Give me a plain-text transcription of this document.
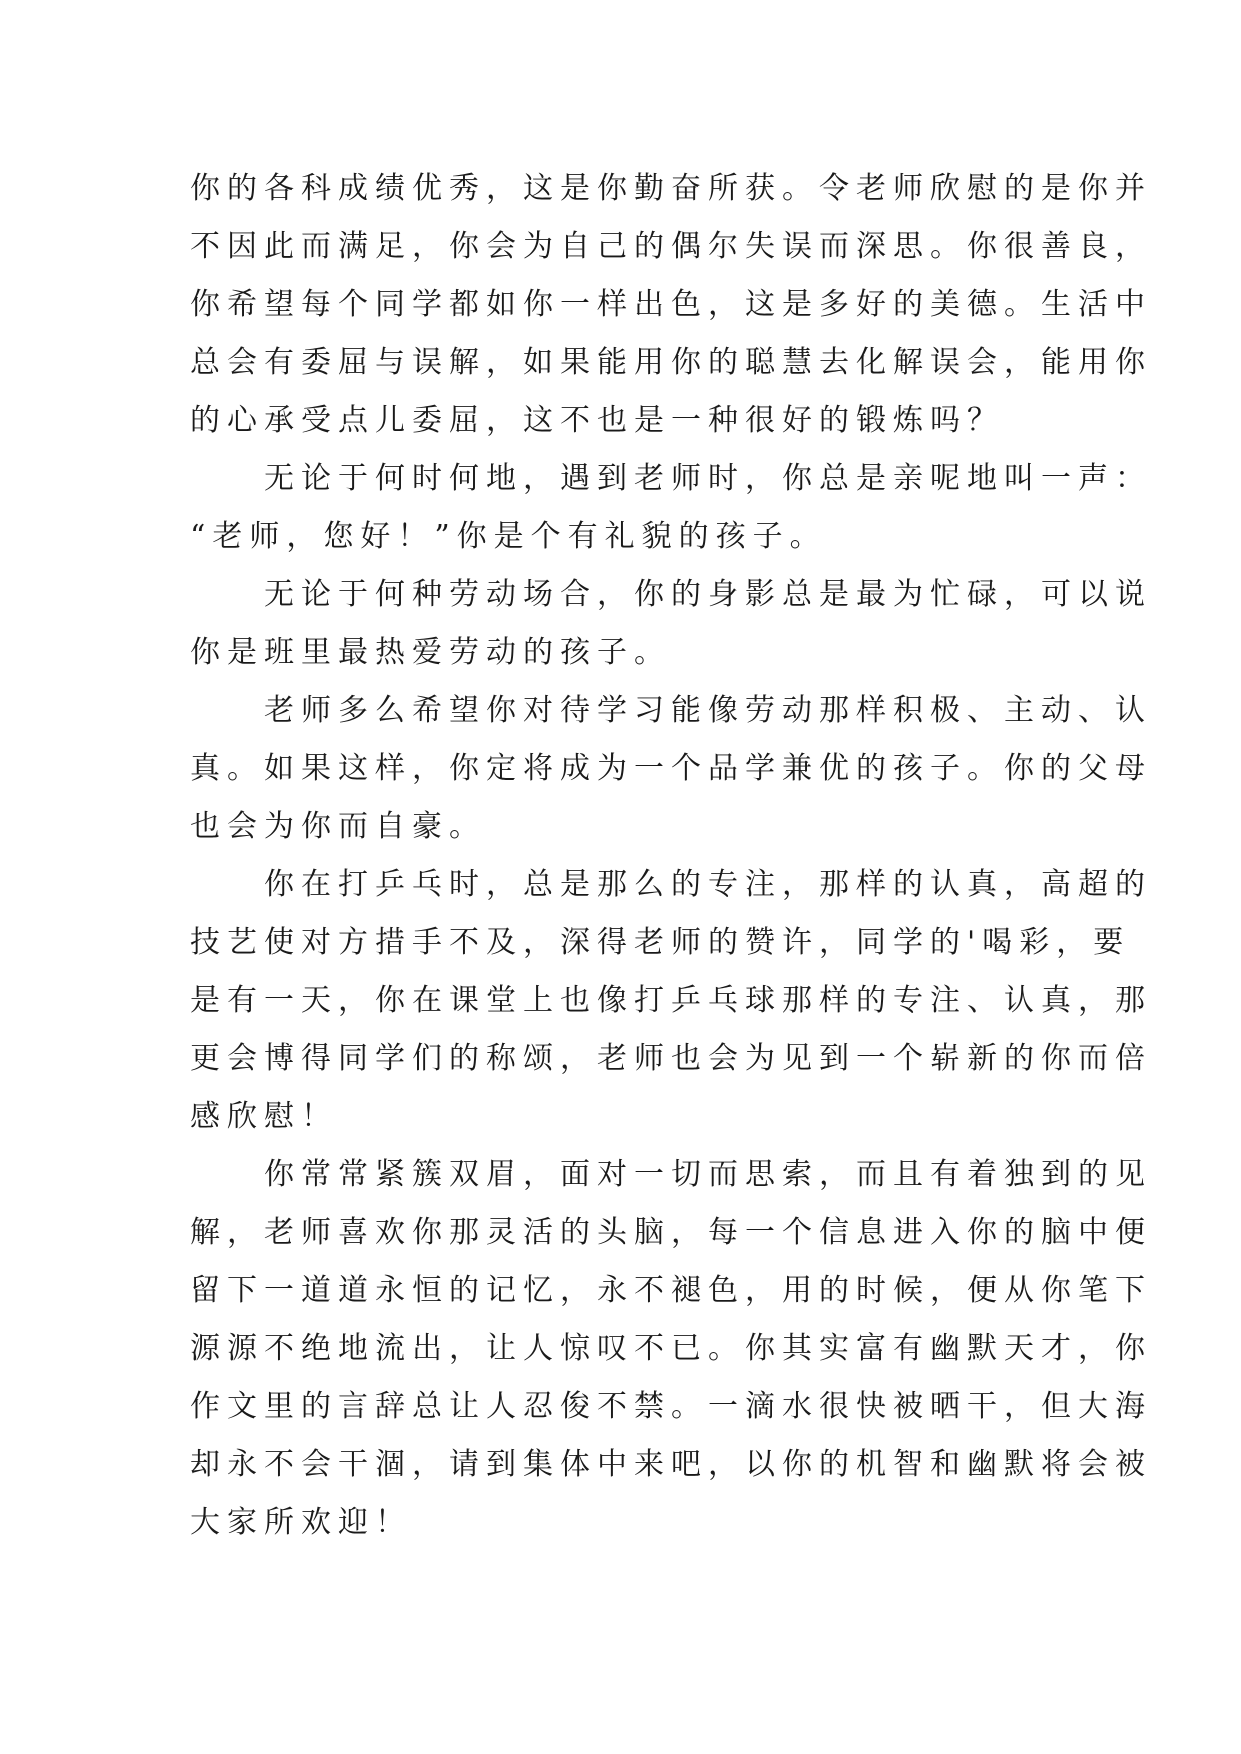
你的各科成绩优秀，这是你勤奋所获。令老师欣慰的是你并
不因此而满足，你会为自己的偶尔失误而深思。你很善良，
你希望每个同学都如你一样出色，这是多好的美德。生活中
总会有委屈与误解，如果能用你的聪慧去化解误会，能用你
的心承受点儿委屈，这不也是一种很好的锻炼吗？
　　无论于何时何地，遇到老师时，你总是亲呢地叫一声：
“老师，您好！”你是个有礼貌的孩子。
　　无论于何种劳动场合，你的身影总是最为忙碌，可以说
你是班里最热爱劳动的孩子。
　　老师多么希望你对待学习能像劳动那样积极、主动、认
真。如果这样，你定将成为一个品学兼优的孩子。你的父母
也会为你而自豪。
　　你在打乒乓时，总是那么的专注，那样的认真，高超的
技艺使对方措手不及，深得老师的赞许，同学的'喝彩，要
是有一天，你在课堂上也像打乒乓球那样的专注、认真，那
更会博得同学们的称颂，老师也会为见到一个崭新的你而倍
感欣慰！
　　你常常紧簇双眉，面对一切而思索，而且有着独到的见
解，老师喜欢你那灵活的头脑，每一个信息进入你的脑中便
留下一道道永恒的记忆，永不褪色，用的时候，便从你笔下
源源不绝地流出，让人惊叹不已。你其实富有幽默天才，你
作文里的言辞总让人忍俊不禁。一滴水很快被晒干，但大海
却永不会干涸，请到集体中来吧，以你的机智和幽默将会被
大家所欢迎！
